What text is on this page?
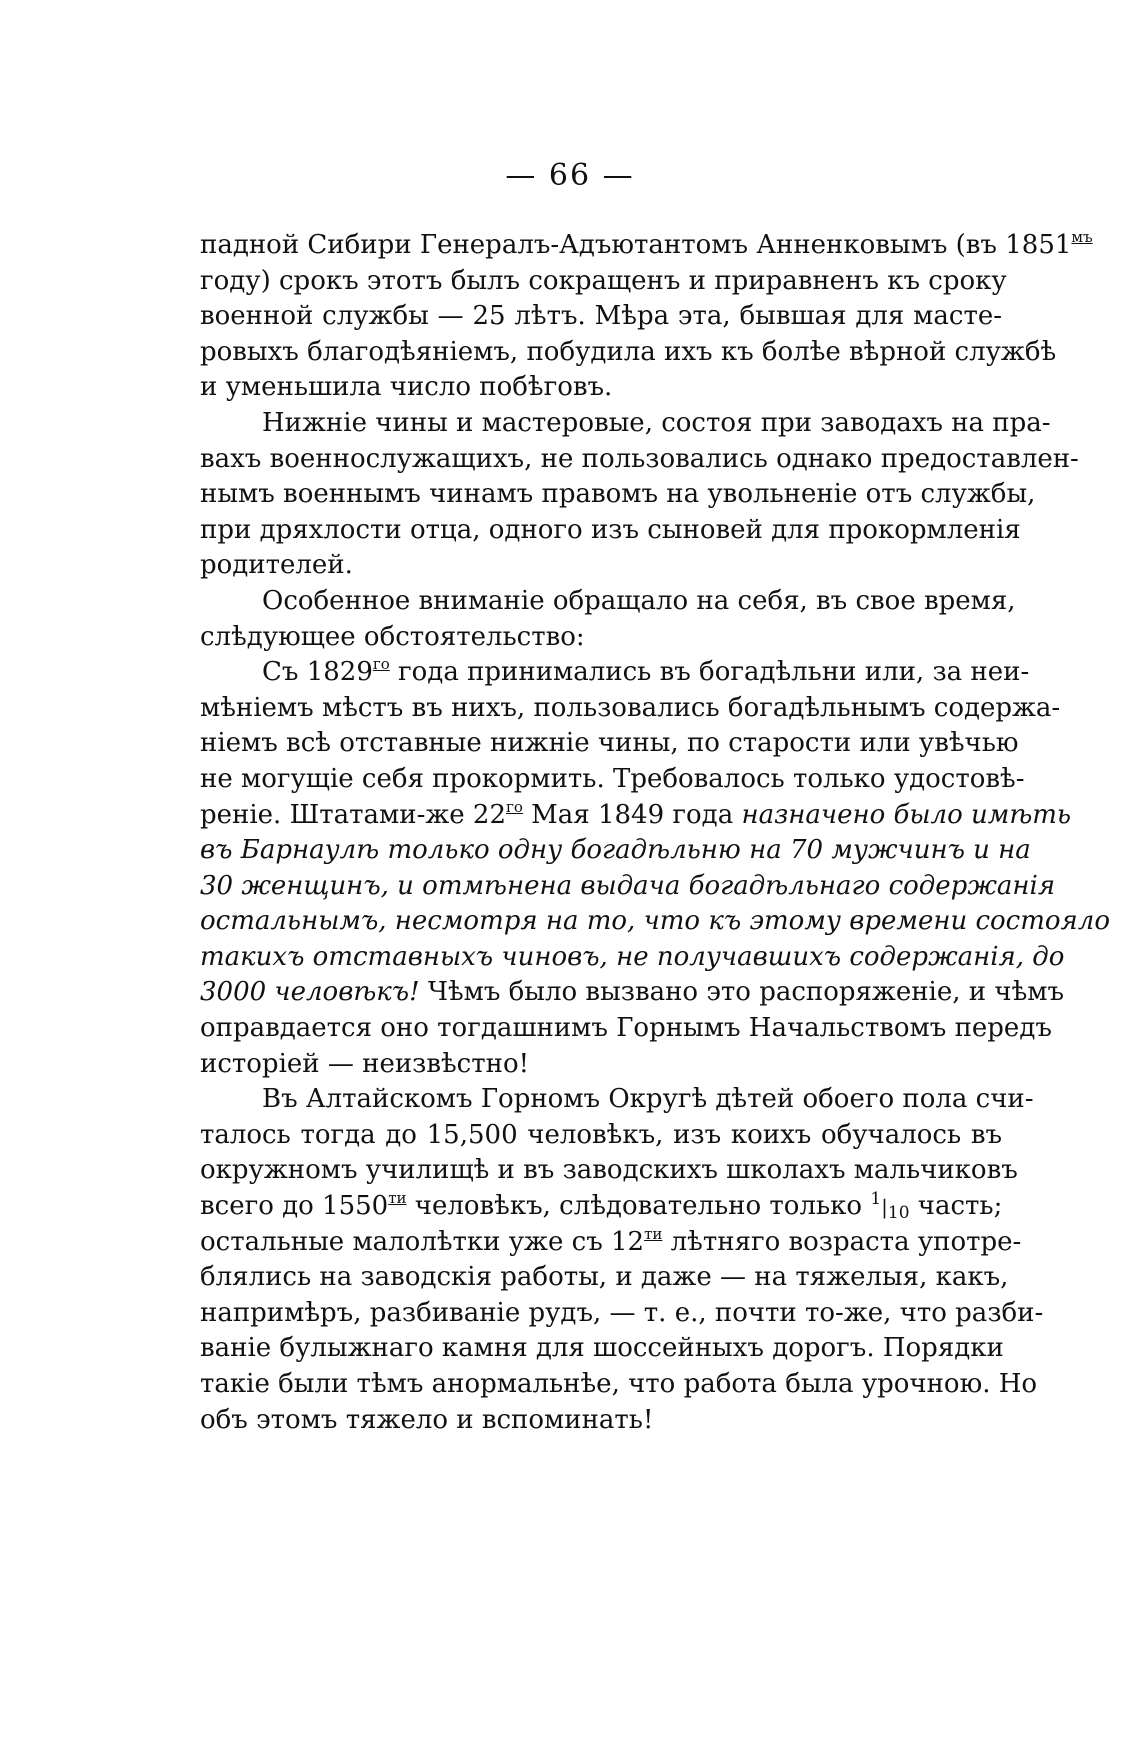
— 66 —
падной Сибири Генералъ-Адъютантомъ Анненковымъ (въ $1851^{мъ}$
году) срокъ этотъ былъ сокращенъ и приравненъ къ сроку
военной службы — 25 лѣтъ. Мѣра эта, бывшая для масте-
ровыхъ благодѣяніемъ, побудила ихъ къ болѣе вѣрной службѣ
и уменьшила число побѣговъ.
Нижніе чины и мастеровые, состоя при заводахъ на пра-
вахъ военнослужащихъ, не пользовались однако предоставлен-
нымъ военнымъ чинамъ правомъ на увольненіе отъ службы,
при дряхлости отца, одного изъ сыновей для прокормленія
родителей.
Особенное вниманіе обращало на себя, въ свое время,
слѣдующее обстоятельство:
Съ $1829^{го}$ года принимались въ богадѣльни или, за неи-
мѣніемъ мѣстъ въ нихъ, пользовались богадѣльнымъ содержа-
ніемъ всѣ отставные нижніе чины, по старости или увѣчью
не могущіе себя прокормить. Требовалось только удостовѣ-
реніе. Штатами-же $22^{го}$ Мая 1849 года назначено было имѣть
въ Барнаулѣ только одну богадѣльню на 70 мужчинъ и на
30 женщинъ, и отмѣнена выдача богадѣльнаго содержанія
остальнымъ, несмотря на то, что къ этому времени состояло
такихъ отставныхъ чиновъ, не получавшихъ содержанія, до
3000 человѣкъ! Чѣмъ было вызвано это распоряженіе, и чѣмъ
оправдается оно тогдашнимъ Горнымъ Начальствомъ передъ
исторіей — неизвѣстно!
Въ Алтайскомъ Горномъ Округѣ дѣтей обоего пола счи-
талось тогда до 15,500 человѣкъ, изъ коихъ обучалось въ
окружномъ училищѣ и въ заводскихъ школахъ мальчиковъ
всего до $1550^{ти}$ человѣкъ, слѣдовательно только $^1$|10 часть;
остальные малолѣтки уже съ $12^{ти}$ лѣтняго возраста употре-
блялись на заводскія работы, и даже — на тяжелыя, какъ,
напримѣръ, разбиваніе рудъ, — т. е., почти то-же, что разби-
ваніе булыжнаго камня для шоссейныхъ дорогъ. Порядки
такіе были тѣмъ анормальнѣе, что работа была урочною. Но
объ этомъ тяжело и вспоминать!
